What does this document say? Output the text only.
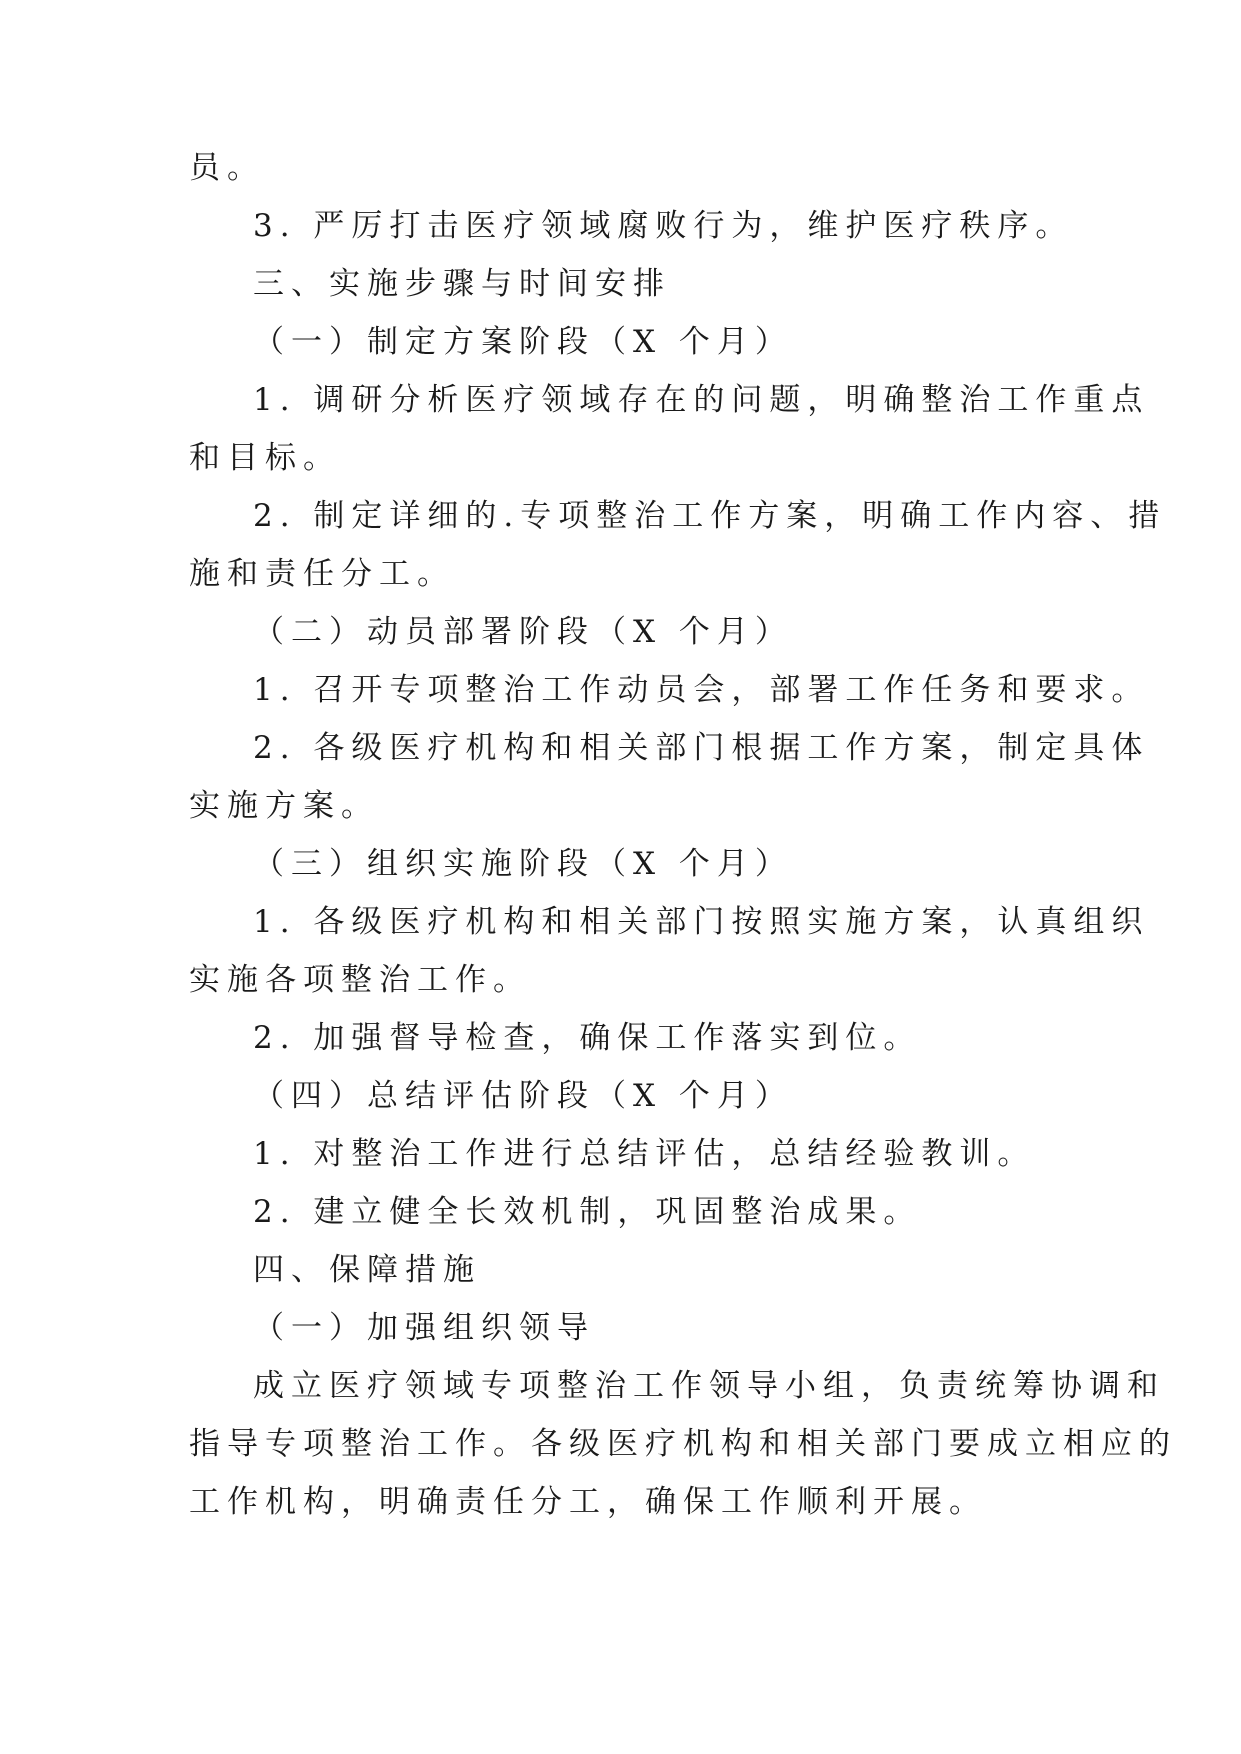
员。
3. 严厉打击医疗领域腐败行为，维护医疗秩序。
三、实施步骤与时间安排
（一）制定方案阶段（X 个月）
1. 调研分析医疗领域存在的问题，明确整治工作重点
和目标。
2. 制定详细的.专项整治工作方案，明确工作内容、措
施和责任分工。
（二）动员部署阶段（X 个月）
1. 召开专项整治工作动员会，部署工作任务和要求。
2. 各级医疗机构和相关部门根据工作方案，制定具体
实施方案。
（三）组织实施阶段（X 个月）
1. 各级医疗机构和相关部门按照实施方案，认真组织
实施各项整治工作。
2. 加强督导检查，确保工作落实到位。
（四）总结评估阶段（X 个月）
1. 对整治工作进行总结评估，总结经验教训。
2. 建立健全长效机制，巩固整治成果。
四、保障措施
（一）加强组织领导
成立医疗领域专项整治工作领导小组，负责统筹协调和
指导专项整治工作。各级医疗机构和相关部门要成立相应的
工作机构，明确责任分工，确保工作顺利开展。
